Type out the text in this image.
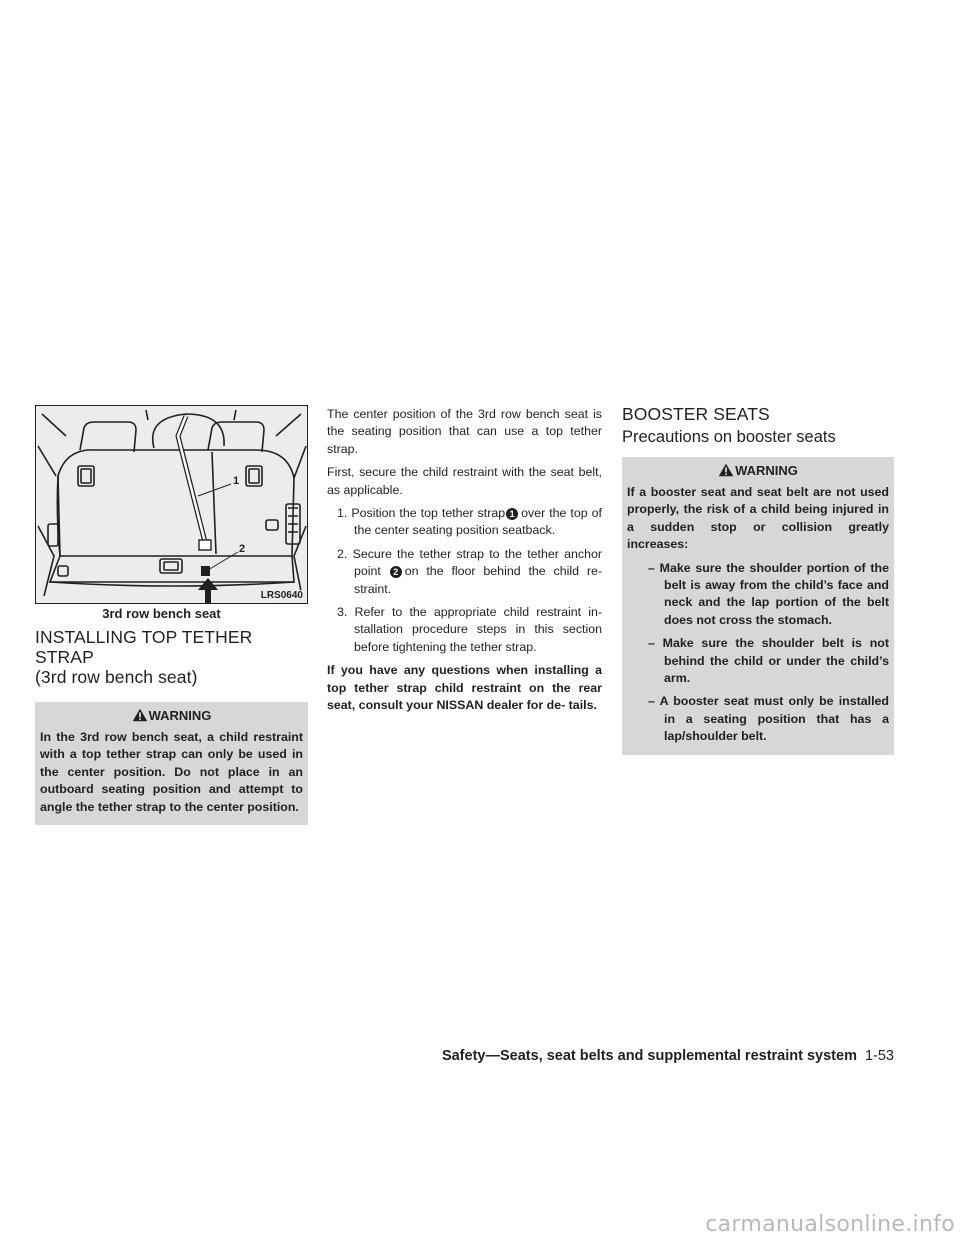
1
2
LRS0640
3rd row bench seat
INSTALLING TOP TETHER STRAP
(3rd row bench seat)
WARNING
In the 3rd row bench seat, a child restraint with a top tether strap can only be used in the center position. Do not place in an outboard seating position and attempt to angle the tether strap to the center position.

The center position of the 3rd row bench seat is the seating position that can use a top tether strap.

First, secure the child restraint with the seat belt, as applicable.

1. Position the top tether strap 1 over the top of the center seating position seatback.
2. Secure the tether strap to the tether anchor point 2 on the floor behind the child re- straint.
3. Refer to the appropriate child restraint in- stallation procedure steps in this section before tightening the tether strap.

If you have any questions when installing a top tether strap child restraint on the rear seat, consult your NISSAN dealer for de- tails.

BOOSTER SEATS
Precautions on booster seats
WARNING
If a booster seat and seat belt are not used properly, the risk of a child being injured in a sudden stop or collision greatly increases:
– Make sure the shoulder portion of the belt is away from the child’s face and neck and the lap portion of the belt does not cross the stomach.
– Make sure the shoulder belt is not behind the child or under the child’s arm.
– A booster seat must only be installed in a seating position that has a lap/shoulder belt.
Safety—Seats, seat belts and supplemental restraint system 1-53
carmanualsonline.info
